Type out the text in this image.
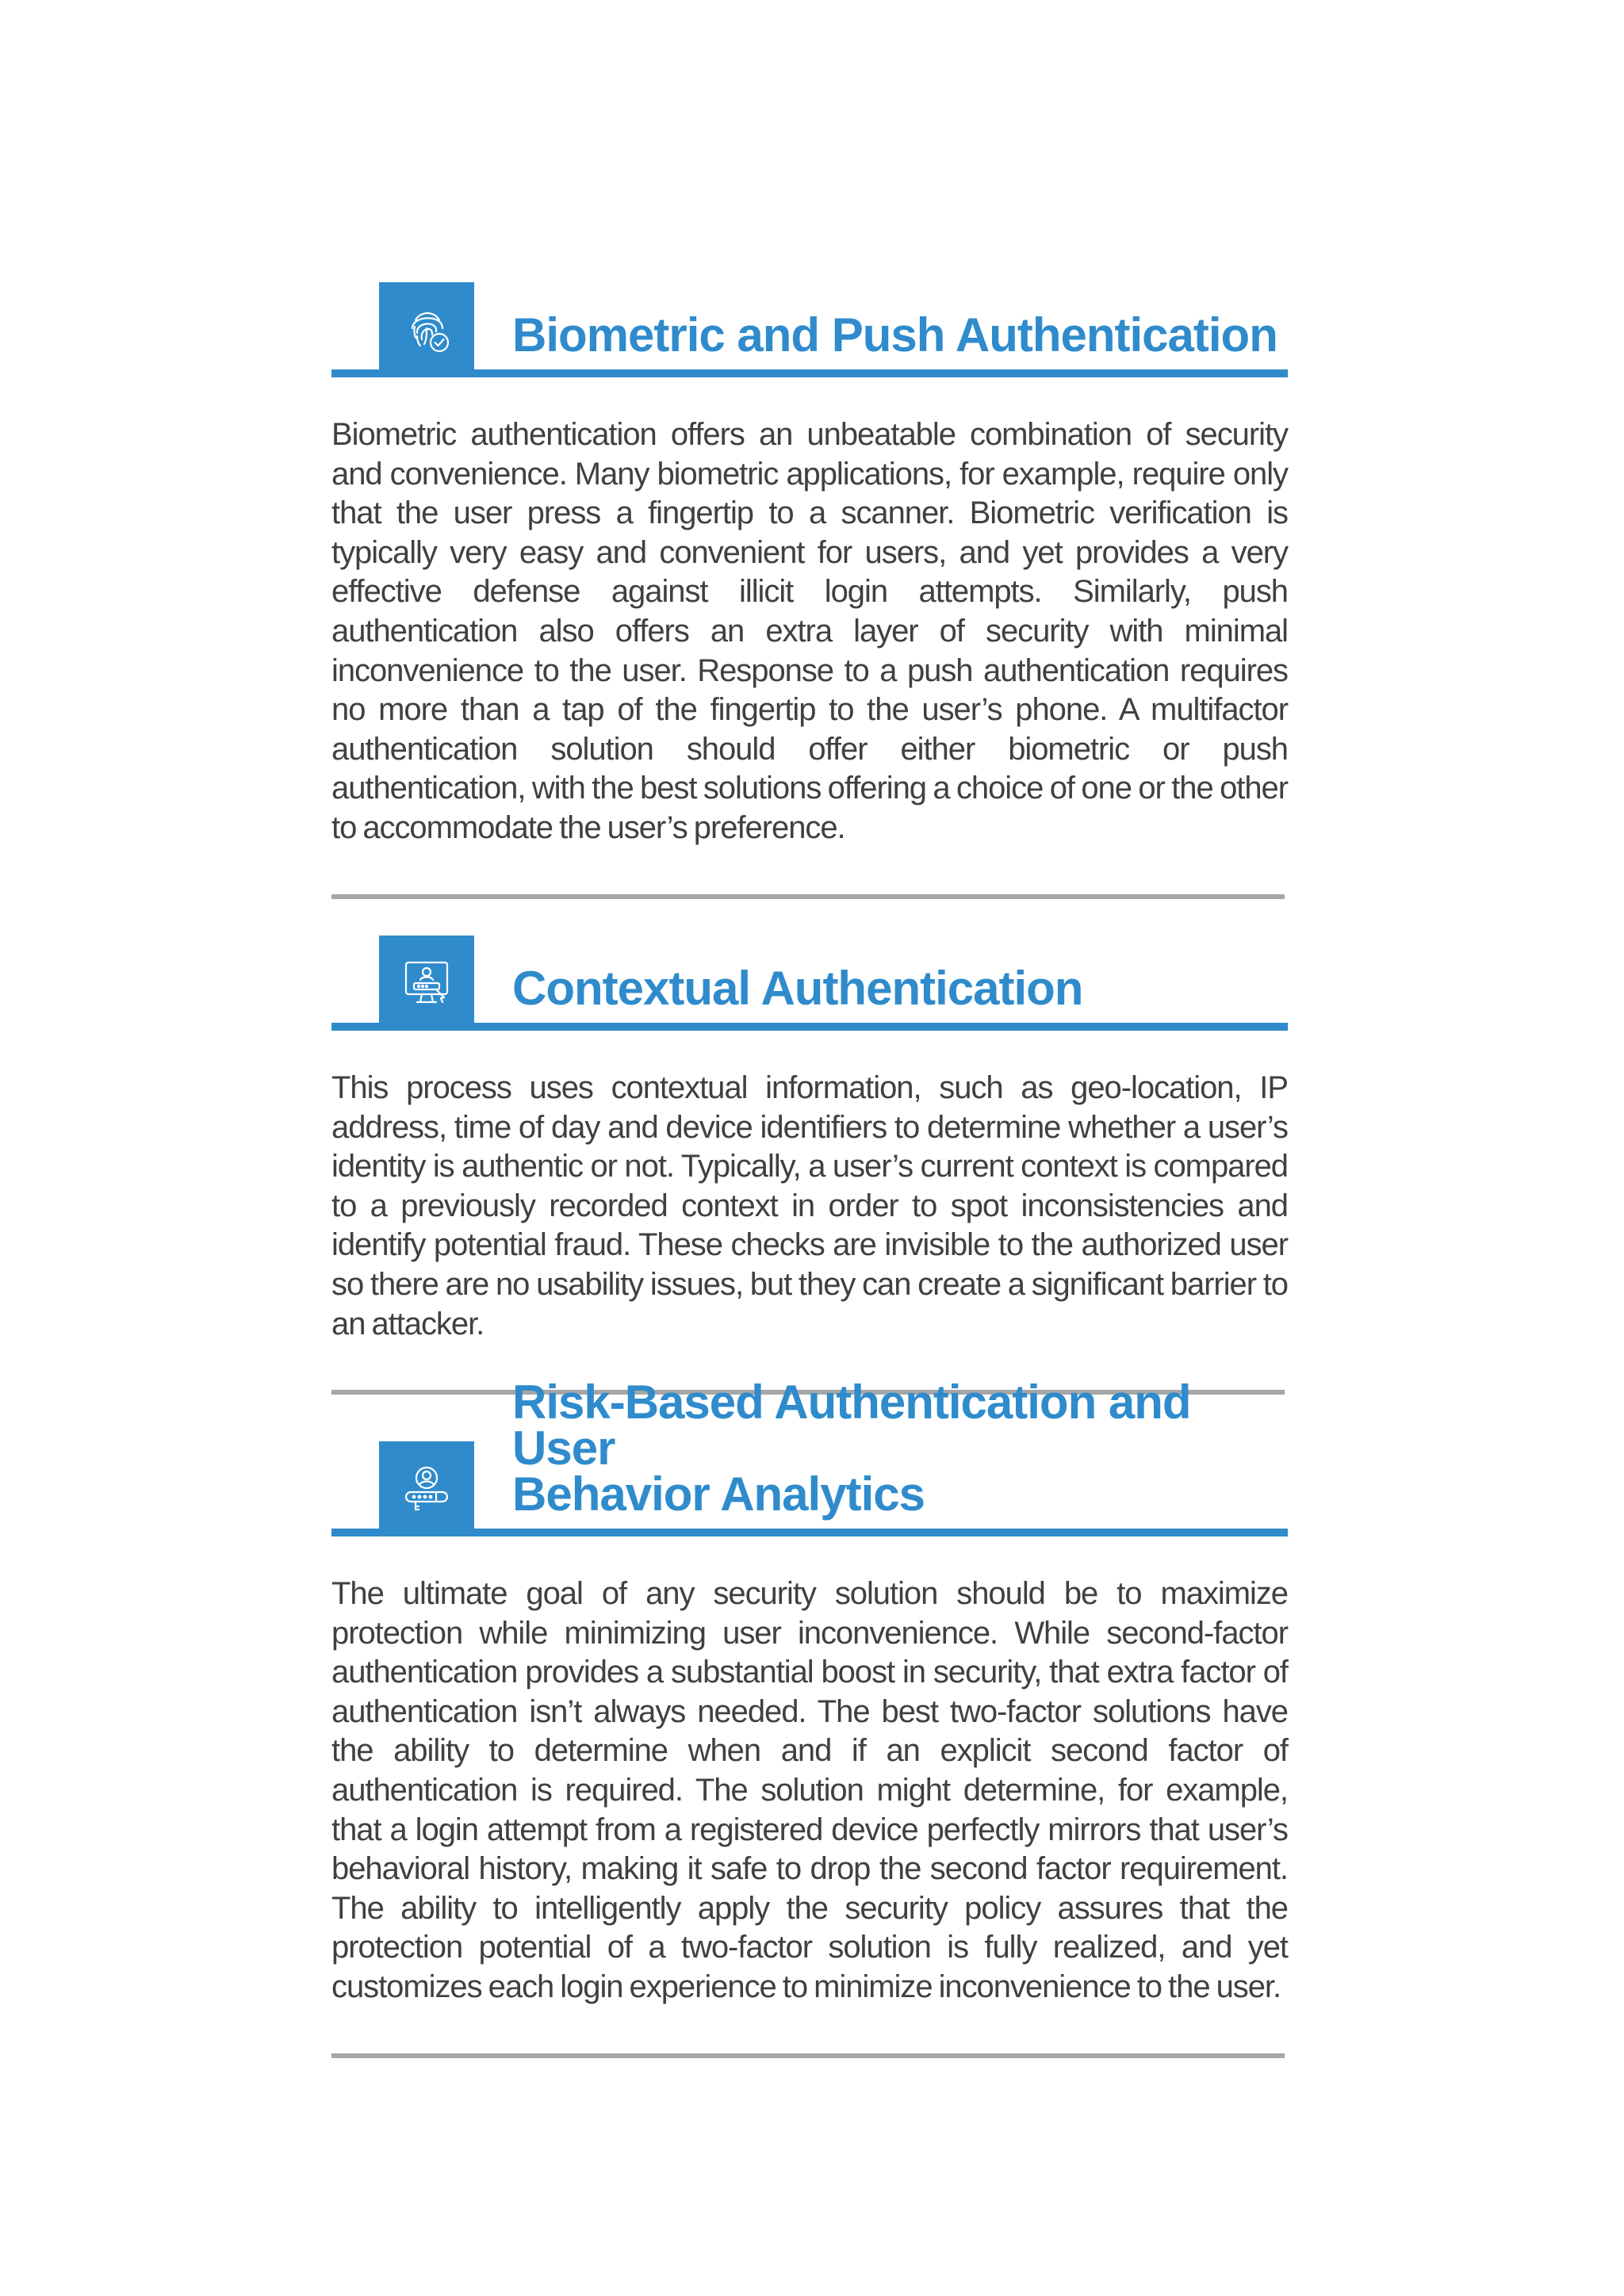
Biometric and Push Authentication

Biometric authentication offers an unbeatable combination of security and convenience. Many biometric applications, for example, require only that the user press a fingertip to a scanner. Biometric verification is typically very easy and convenient for users, and yet provides a very effective defense against illicit login attempts. Similarly, push authentication also offers an extra layer of security with minimal inconvenience to the user. Response to a push authentication requires no more than a tap of the fingertip to the user’s phone. A multifactor authentication solution should offer either biometric or push authentication, with the best solutions offering a choice of one or the other to accommodate the user’s preference.

Contextual Authentication

This process uses contextual information, such as geo-location, IP address, time of day and device identifiers to determine whether a user’s identity is authentic or not. Typically, a user’s current context is compared to a previously recorded context in order to spot inconsistencies and identify potential fraud. These checks are invisible to the authorized user so there are no usability issues, but they can create a significant barrier to an attacker.

Risk-Based Authentication and User
Behavior Analytics

The ultimate goal of any security solution should be to maximize protection while minimizing user inconvenience. While second-factor authentication provides a substantial boost in security, that extra factor of authentication isn’t always needed. The best two-factor solutions have the ability to determine when and if an explicit second factor of authentication is required. The solution might determine, for example, that a login attempt from a registered device perfectly mirrors that user’s behavioral history, making it safe to drop the second factor requirement. The ability to intelligently apply the security policy assures that the protection potential of a two-factor solution is fully realized, and yet customizes each login experience to minimize inconvenience to the user.
